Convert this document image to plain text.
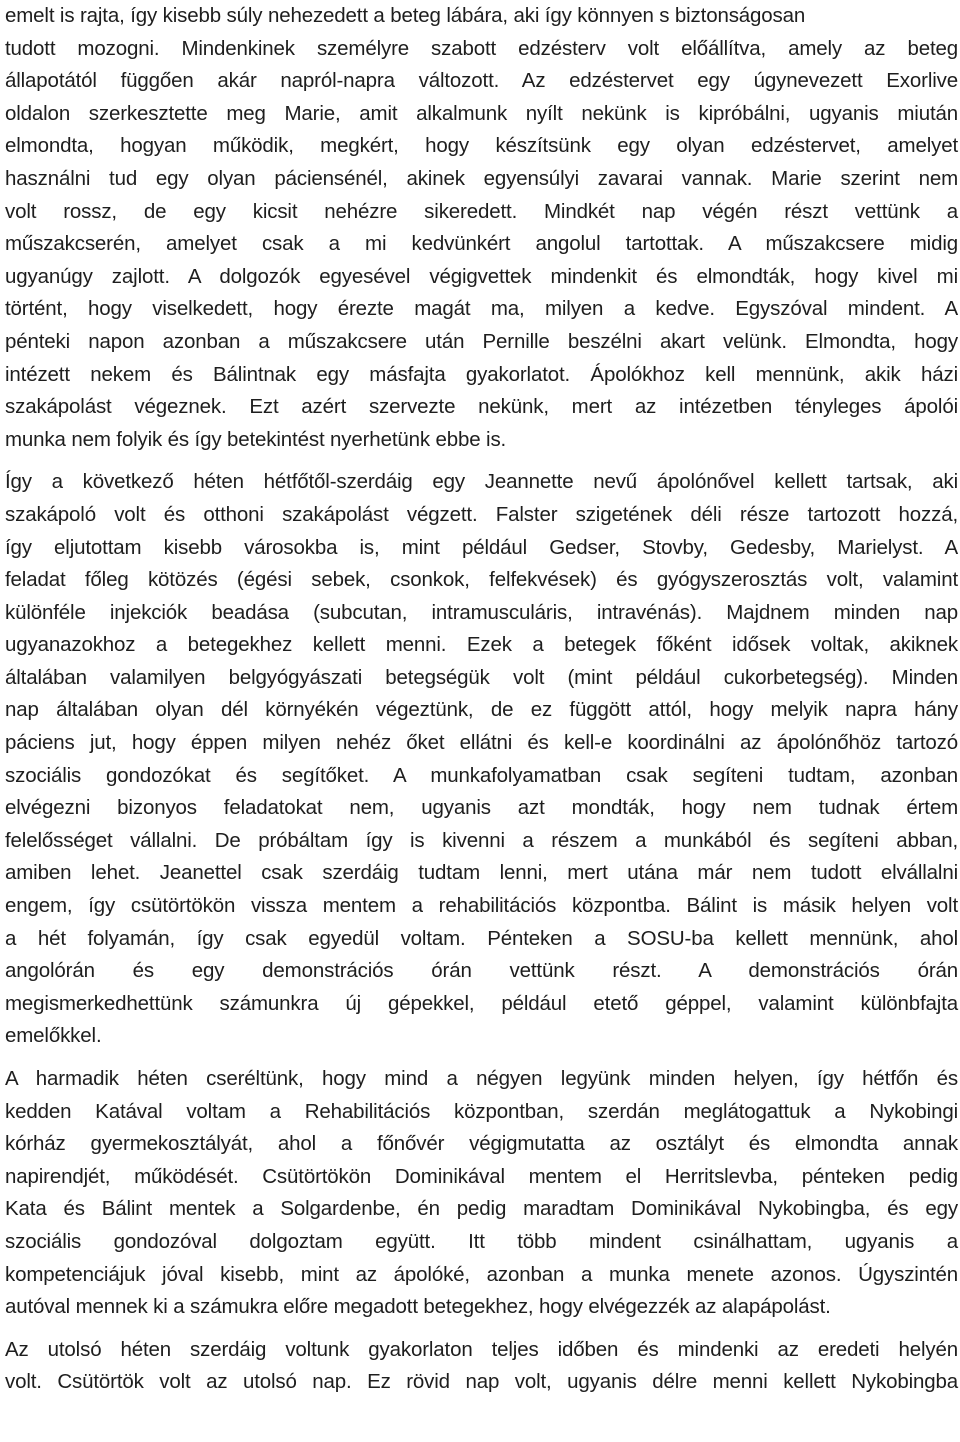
emelt is rajta, így kisebb súly nehezedett a beteg lábára, aki így könnyen s biztonságosan
tudott mozogni. Mindenkinek személyre szabott edzésterv volt előállítva, amely az beteg
állapotától függően akár napról-napra változott. Az edzéstervet egy úgynevezett Exorlive
oldalon szerkesztette meg Marie, amit alkalmunk nyílt nekünk is kipróbálni, ugyanis miután
elmondta, hogyan működik, megkért, hogy készítsünk egy olyan edzéstervet, amelyet
használni tud egy olyan páciensénél, akinek egyensúlyi zavarai vannak. Marie szerint nem
volt rossz, de egy kicsit nehézre sikeredett. Mindkét nap végén részt vettünk a
műszakcserén, amelyet csak a mi kedvünkért angolul tartottak. A műszakcsere midig
ugyanúgy zajlott. A dolgozók egyesével végigvettek mindenkit és elmondták, hogy kivel mi
történt, hogy viselkedett, hogy érezte magát ma, milyen a kedve. Egyszóval mindent. A
pénteki napon azonban a műszakcsere után Pernille beszélni akart velünk. Elmondta, hogy
intézett nekem és Bálintnak egy másfajta gyakorlatot. Ápolókhoz kell mennünk, akik házi
szakápolást végeznek. Ezt azért szervezte nekünk, mert az intézetben tényleges ápolói
munka nem folyik és így betekintést nyerhetünk ebbe is.
Így a következő héten hétfőtől-szerdáig egy Jeannette nevű ápolónővel kellett tartsak, aki
szakápoló volt és otthoni szakápolást végzett. Falster szigetének déli része tartozott hozzá,
így eljutottam kisebb városokba is, mint például Gedser, Stovby, Gedesby, Marielyst. A
feladat főleg kötözés (égési sebek, csonkok, felfekvések) és gyógyszerosztás volt, valamint
különféle injekciók beadása (subcutan, intramusculáris, intravénás). Majdnem minden nap
ugyanazokhoz a betegekhez kellett menni. Ezek a betegek főként idősek voltak, akiknek
általában valamilyen belgyógyászati betegségük volt (mint például cukorbetegség). Minden
nap általában olyan dél környékén végeztünk, de ez függött attól, hogy melyik napra hány
páciens jut, hogy éppen milyen nehéz őket ellátni és kell-e koordinálni az ápolónőhöz tartozó
szociális gondozókat és segítőket. A munkafolyamatban csak segíteni tudtam, azonban
elvégezni bizonyos feladatokat nem, ugyanis azt mondták, hogy nem tudnak értem
felelősséget vállalni. De próbáltam így is kivenni a részem a munkából és segíteni abban,
amiben lehet. Jeanettel csak szerdáig tudtam lenni, mert utána már nem tudott elvállalni
engem, így csütörtökön vissza mentem a rehabilitációs központba. Bálint is másik helyen volt
a hét folyamán, így csak egyedül voltam. Pénteken a SOSU-ba kellett mennünk, ahol
angolórán és egy demonstrációs órán vettünk részt. A demonstrációs órán
megismerkedhettünk számunkra új gépekkel, például etető géppel, valamint különbfajta
emelőkkel.
A harmadik héten cseréltünk, hogy mind a négyen legyünk minden helyen, így hétfőn és
kedden Katával voltam a Rehabilitációs központban, szerdán meglátogattuk a Nykobingi
kórház gyermekosztályát, ahol a főnővér végigmutatta az osztályt és elmondta annak
napirendjét, működését. Csütörtökön Dominikával mentem el Herritslevba, pénteken pedig
Kata és Bálint mentek a Solgardenbe, én pedig maradtam Dominikával Nykobingba, és egy
szociális gondozóval dolgoztam együtt. Itt több mindent csinálhattam, ugyanis a
kompetenciájuk jóval kisebb, mint az ápolóké, azonban a munka menete azonos. Úgyszintén
autóval mennek ki a számukra előre megadott betegekhez, hogy elvégezzék az alapápolást.
Az utolsó héten szerdáig voltunk gyakorlaton teljes időben és mindenki az eredeti helyén
volt. Csütörtök volt az utolsó nap. Ez rövid nap volt, ugyanis délre menni kellett Nykobingba
